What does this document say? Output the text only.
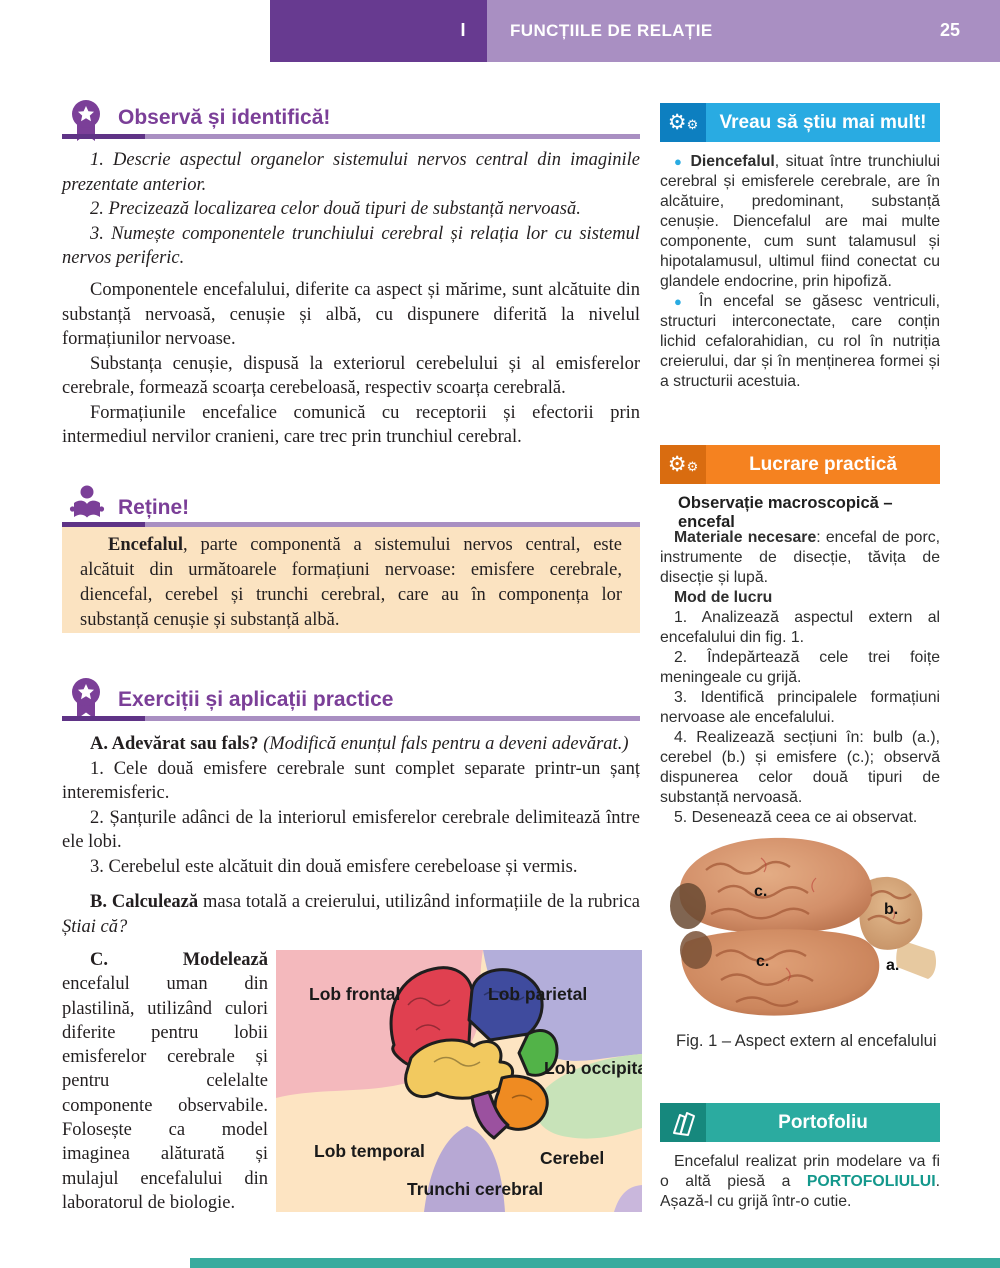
I	FUNCȚIILE DE RELAȚIE	25
Observă și identifică!

1. Descrie aspectul organelor sistemului nervos central din imaginile prezentate anterior.

2. Precizează localizarea celor două tipuri de substanță nervoasă.

3. Numește componentele trunchiului cerebral și relația lor cu sistemul nervos periferic.

Componentele encefalului, diferite ca aspect și mărime, sunt alcătuite din substanță nervoasă, cenușie și albă, cu dispunere diferită la nivelul formațiunilor nervoase.

Substanța cenușie, dispusă la exteriorul cerebelului și al emisferelor cerebrale, formează scoarța cerebeloasă, respectiv scoarța cerebrală.

Formațiunile encefalice comunică cu receptorii și efectorii prin intermediul nervilor cranieni, care trec prin trunchiul cerebral.

Reține!

Encefalul, parte componentă a sistemului nervos central, este alcătuit din următoarele formațiuni nervoase: emisfere cerebrale, diencefal, cerebel și trunchi cerebral, care au în componența lor substanță cenușie și substanță albă.

Exerciții și aplicații practice

A. Adevărat sau fals? (Modifică enunțul fals pentru a deveni adevărat.)

1. Cele două emisfere cerebrale sunt complet separate printr-un șanț interemisferic.

2. Șanțurile adânci de la interiorul emisferelor cerebrale delimitează între ele lobi.

3. Cerebelul este alcătuit din două emisfere cerebeloase și vermis.

B. Calculează masa totală a creierului, utilizând informațiile de la rubrica Știai că?

C. Modelează encefalul uman din plastilină, utilizând culori diferite pentru lobii emisferelor cerebrale și pentru celelalte componente observabile. Folosește ca model imaginea alăturată și mulajul encefalului din laboratorul de biologie.

Lob frontal	Lob parietal
Lob occipital
Lob temporal
Trunchi cerebral
Cerebel
⚙⚙ Vreau să știu mai mult!

● Diencefalul, situat între trunchiului cerebral și emisferele cerebrale, are în alcătuire, predominant, substanță cenușie. Diencefalul are mai multe componente, cum sunt talamusul și hipotalamusul, ultimul fiind conectat cu glandele endocrine, prin hipofiză.

● În encefal se găsesc ventriculi, structuri interconectate, care conțin lichid cefalorahidian, cu rol în nutriția creierului, dar și în menținerea formei și a structurii acestuia.

⚙⚙	Lucrare practică
Observație macroscopică – encefal

Materiale necesare: encefal de porc, instrumente de disecție, tăvița de disecție și lupă.

Mod de lucru

1. Analizează aspectul extern al encefalului din fig. 1.

2. Îndepărtează cele trei foițe meningeale cu grijă.

3. Identifică principalele formațiuni nervoase ale encefalului.

4. Realizează secțiuni în: bulb (a.), cerebel (b.) și emisfere (c.); observă dispunerea celor două tipuri de substanță nervoasă.

5. Desenează ceea ce ai observat.

c.
b.
c.	a.
Fig. 1 – Aspect extern al encefalului
Portofoliu

Encefalul realizat prin modelare va fi o altă piesă a PORTOFOLIULUI. Așază-l cu grijă într-o cutie.
